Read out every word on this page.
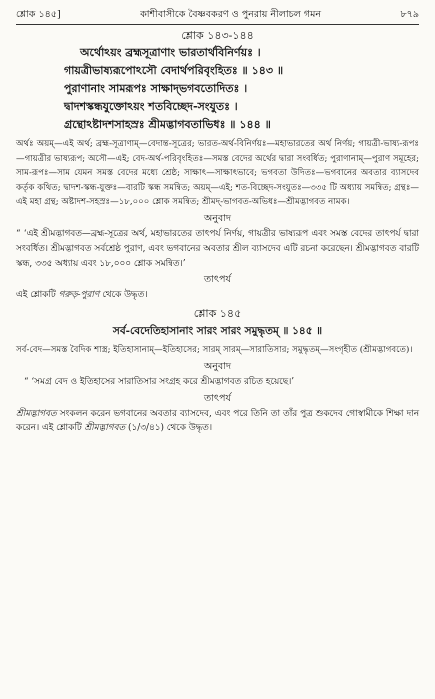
শ্লোক ১৪৫]	কাশীবাসীকে বৈষ্ণবকরণ ও পুনরায় নীলাচল গমন	৮৭৯
শ্লোক ১৪৩-১৪৪
অর্থোঽয়ং ব্রহ্মসূত্রাণাং ভারতার্থবিনির্ণয়ঃ ।
গায়ত্রীভাষ্যরূপোঽসৌ বেদার্থপরিবৃংহিতঃ ॥ ১৪৩ ॥
পুরাণানাং সামরূপঃ সাক্ষাদ্‌ভগবতোদিতঃ ।
দ্বাদশস্কন্ধযুক্তোঽয়ং শতবিচ্ছেদ-সংযুতঃ ।
গ্রন্থোঽষ্টাদশসাহস্রঃ শ্রীমদ্ভাগবতাভিধঃ ॥ ১৪৪ ॥

অর্থঃ অয়ম্—এই অর্থ; ব্রহ্ম-সূত্রাণাম্—বেদান্ত-সূত্রের; ভারত-অর্থ-বিনির্ণয়ঃ—মহাভারতের অর্থ নির্ণয়; গায়ত্রী-ভাষ্য-রূপঃ—গায়ত্রীর ভাষ্যরূপ; অসৌ—এই; বেদ-অর্থ-পরিবৃংহিতঃ—সমস্ত বেদের অর্থের দ্বারা সংবর্ধিত; পুরাণানাম্—পুরাণ সমূহের; সাম-রূপঃ—সাম যেমন সমস্ত বেদের মধ্যে শ্রেষ্ঠ; সাক্ষাৎ—সাক্ষাৎভাবে; ভগবতা উদিতঃ—ভগবানের অবতার ব্যাসদেব কর্তৃক কথিত; দ্বাদশ-স্কন্ধ-যুক্তঃ—বারটি স্কন্ধ সমন্বিত; অয়ম্—এই; শত-বিচ্ছেদ-সংযুতঃ—৩৩৫ টি অধ্যায় সমন্বিত; গ্রন্থঃ—এই মহা গ্রন্থ; অষ্টাদশ-সহস্রঃ—১৮,০০০ শ্লোক সমন্বিত; শ্রীমদ্-ভাগবত-অভিধঃ—শ্রীমদ্ভাগবত নামক।

অনুবাদ

“ ‘এই শ্রীমদ্ভাগবত—ব্রহ্ম-সূত্রের অর্থ, মহাভারতের তাৎপর্য নির্ণয়, গায়ত্রীর ভাষ্যরূপ এবং সমস্ত বেদের তাৎপর্য দ্বারা সংবর্ধিত। শ্রীমদ্ভাগবত সর্বশ্রেষ্ঠ পুরাণ, এবং ভগবানের অবতার শ্রীল ব্যাসদেব এটি রচনা করেছেন। শ্রীমদ্ভাগবত বারটি স্কন্ধ, ৩৩৫ অধ্যায় এবং ১৮,০০০ শ্লোক সমন্বিত।’

তাৎপর্য

এই শ্লোকটি গরুড়-পুরাণ থেকে উদ্ধৃত।

শ্লোক ১৪৫
সর্ব-বেদেতিহাসানাং সারং সারং সমুদ্ধৃতম্ ॥ ১৪৫ ॥

সর্ব-বেদ—সমস্ত বৈদিক শাস্ত্র; ইতিহাসানাম্—ইতিহাসের; সারম্ সারম্—সারাতিসার; সমুদ্ধৃতম্—সংগৃহীত (শ্রীমদ্ভাগবতে)।

অনুবাদ

“ ‘সমগ্র বেদ ও ইতিহাসের সারাতিসার সংগ্রহ করে শ্রীমদ্ভাগবত রচিত হয়েছে।’

তাৎপর্য

শ্রীমদ্ভাগবত সংকলন করেন ভগবানের অবতার ব্যাসদেব, এবং পরে তিনি তা তাঁর পুত্র শুকদেব গোস্বামীকে শিক্ষা দান করেন। এই শ্লোকটি শ্রীমদ্ভাগবত (১/৩/৪১) থেকে উদ্ধৃত।
